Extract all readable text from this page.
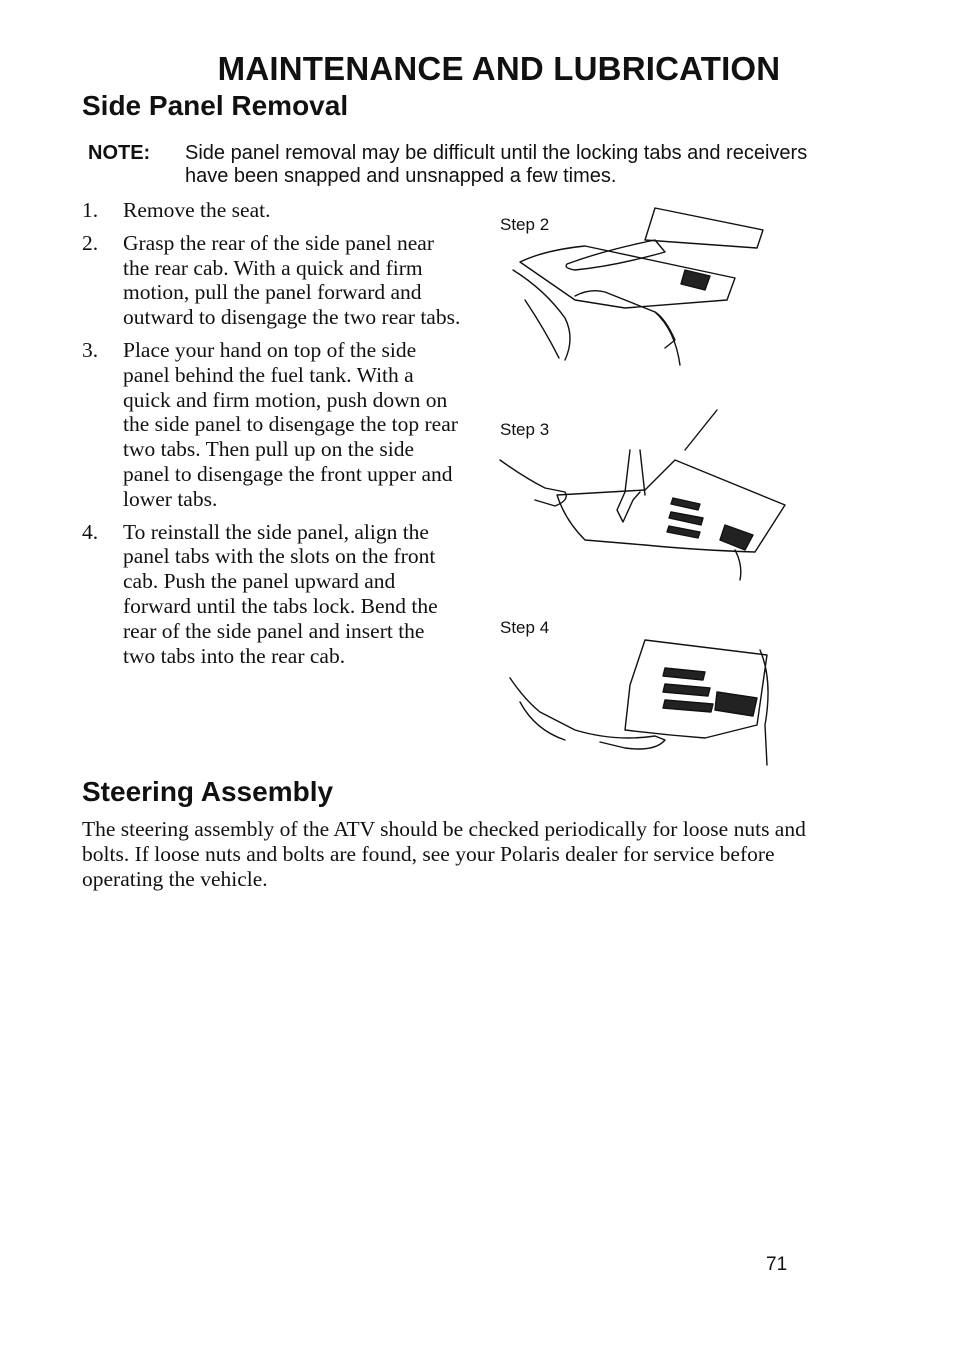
MAINTENANCE AND LUBRICATION
Side Panel Removal
NOTE: Side panel removal may be difficult until the locking tabs and receivers have been snapped and unsnapped a few times.
1. Remove the seat.
2. Grasp the rear of the side panel near the rear cab. With a quick and firm motion, pull the panel forward and outward to disengage the two rear tabs.
3. Place your hand on top of the side panel behind the fuel tank. With a quick and firm motion, push down on the side panel to disengage the top rear two tabs. Then pull up on the side panel to disengage the front upper and lower tabs.
4. To reinstall the side panel, align the panel tabs with the slots on the front cab. Push the panel upward and forward until the tabs lock. Bend the rear of the side panel and insert the two tabs into the rear cab.
Step 2
Step 3
Step 4
Steering Assembly

The steering assembly of the ATV should be checked periodically for loose nuts and bolts. If loose nuts and bolts are found, see your Polaris dealer for service before operating the vehicle.

71
